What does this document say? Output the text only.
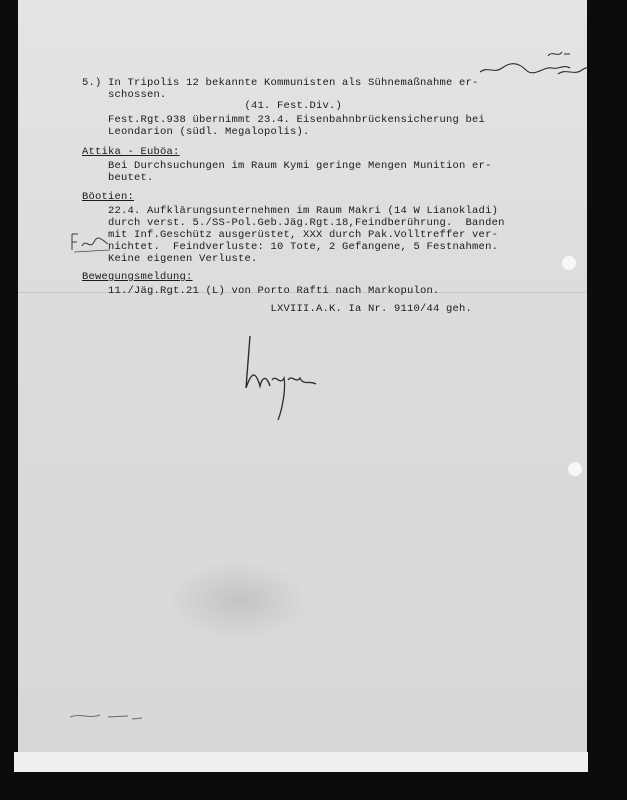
5.) In Tripolis 12 bekannte Kommunisten als Sühnemaßnahme er-
schossen.
(41. Fest.Div.)
Fest.Rgt.938 übernimmt 23.4. Eisenbahnbrückensicherung bei
Leondarion (südl. Megalopolis).
Attika - Euböa:
Bei Durchsuchungen im Raum Kymi geringe Mengen Munition er-
beutet.
Böotien:
22.4. Aufklärungsunternehmen im Raum Makri (14 W Lianokladi)
durch verst. 5./SS-Pol.Geb.Jäg.Rgt.18,Feindberührung.  Banden
mit Inf.Geschütz ausgerüstet, XXX durch Pak.Volltreffer ver-
nichtet.  Feindverluste: 10 Tote, 2 Gefangene, 5 Festnahmen.
Keine eigenen Verluste.
Bewegungsmeldung:
11./Jäg.Rgt.21 (L) von Porto Rafti nach Markopulon.
LXVIII.A.K. Ia Nr. 9110/44 geh.
